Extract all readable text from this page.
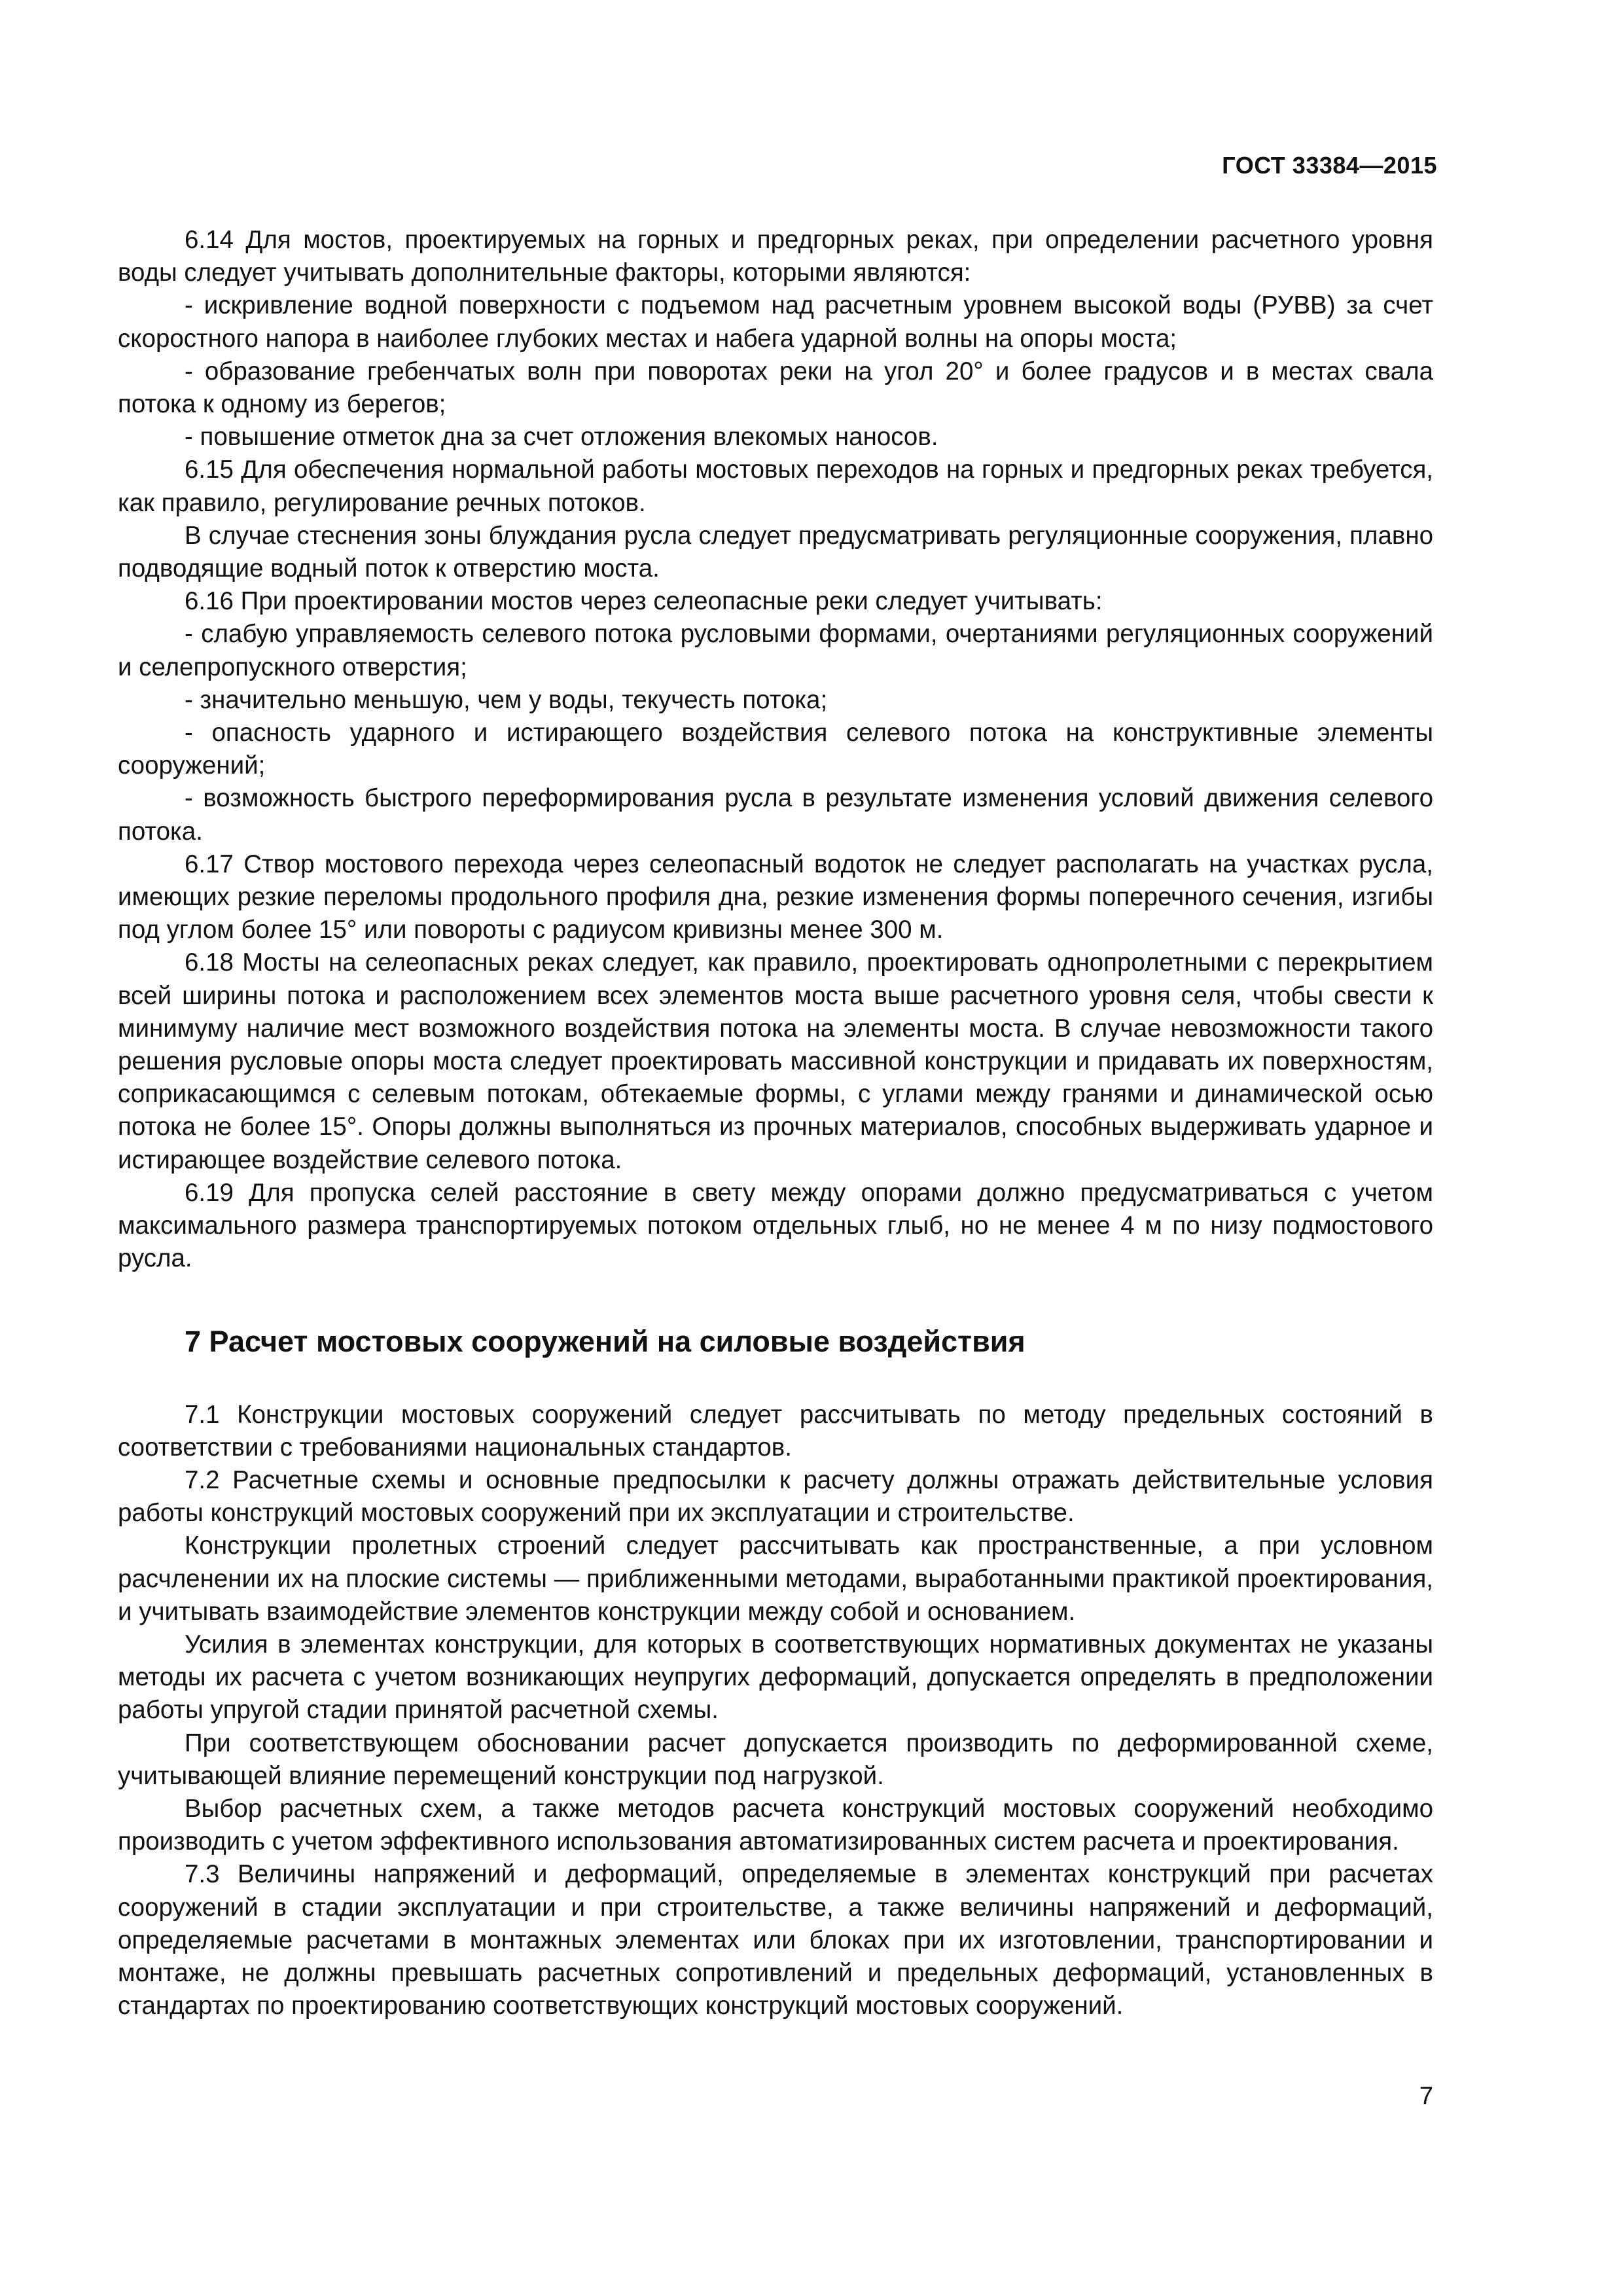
ГОСТ 33384—2015

6.14 Для мостов, проектируемых на горных и предгорных реках, при определении расчетного уровня воды следует учитывать дополнительные факторы, которыми являются:

- искривление водной поверхности с подъемом над расчетным уровнем высокой воды (РУВВ) за счет скоростного напора в наиболее глубоких местах и набега ударной волны на опоры моста;

- образование гребенчатых волн при поворотах реки на угол 20° и более градусов и в местах свала потока к одному из берегов;

- повышение отметок дна за счет отложения влекомых наносов.

6.15 Для обеспечения нормальной работы мостовых переходов на горных и предгорных реках требуется, как правило, регулирование речных потоков.

В случае стеснения зоны блуждания русла следует предусматривать регуляционные сооружения, плавно подводящие водный поток к отверстию моста.

6.16 При проектировании мостов через селеопасные реки следует учитывать:

- слабую управляемость селевого потока русловыми формами, очертаниями регуляционных сооружений и селепропускного отверстия;

- значительно меньшую, чем у воды, текучесть потока;

- опасность ударного и истирающего воздействия селевого потока на конструктивные элементы сооружений;

- возможность быстрого переформирования русла в результате изменения условий движения селевого потока.

6.17 Створ мостового перехода через селеопасный водоток не следует располагать на участках русла, имеющих резкие переломы продольного профиля дна, резкие изменения формы поперечного сечения, изгибы под углом более 15° или повороты с радиусом кривизны менее 300 м.

6.18 Мосты на селеопасных реках следует, как правило, проектировать однопролетными с перекрытием всей ширины потока и расположением всех элементов моста выше расчетного уровня селя, чтобы свести к минимуму наличие мест возможного воздействия потока на элементы моста. В случае невозможности такого решения русловые опоры моста следует проектировать массивной конструкции и придавать их поверхностям, соприкасающимся с селевым потокам, обтекаемые формы, с углами между гранями и динамической осью потока не более 15°. Опоры должны выполняться из прочных материалов, способных выдерживать ударное и истирающее воздействие селевого потока.

6.19 Для пропуска селей расстояние в свету между опорами должно предусматриваться с учетом максимального размера транспортируемых потоком отдельных глыб, но не менее 4 м по низу подмостового русла.

7 Расчет мостовых сооружений на силовые воздействия

7.1 Конструкции мостовых сооружений следует рассчитывать по методу предельных состояний в соответствии с требованиями национальных стандартов.

7.2 Расчетные схемы и основные предпосылки к расчету должны отражать действительные условия работы конструкций мостовых сооружений при их эксплуатации и строительстве.

Конструкции пролетных строений следует рассчитывать как пространственные, а при условном расчленении их на плоские системы — приближенными методами, выработанными практикой проектирования, и учитывать взаимодействие элементов конструкции между собой и основанием.

Усилия в элементах конструкции, для которых в соответствующих нормативных документах не указаны методы их расчета с учетом возникающих неупругих деформаций, допускается определять в предположении работы упругой стадии принятой расчетной схемы.

При соответствующем обосновании расчет допускается производить по деформированной схеме, учитывающей влияние перемещений конструкции под нагрузкой.

Выбор расчетных схем, а также методов расчета конструкций мостовых сооружений необходимо производить с учетом эффективного использования автоматизированных систем расчета и проектирования.

7.3 Величины напряжений и деформаций, определяемые в элементах конструкций при расчетах сооружений в стадии эксплуатации и при строительстве, а также величины напряжений и деформаций, определяемые расчетами в монтажных элементах или блоках при их изготовлении, транспортировании и монтаже, не должны превышать расчетных сопротивлений и предельных деформаций, установленных в стандартах по проектированию соответствующих конструкций мостовых сооружений.

7
